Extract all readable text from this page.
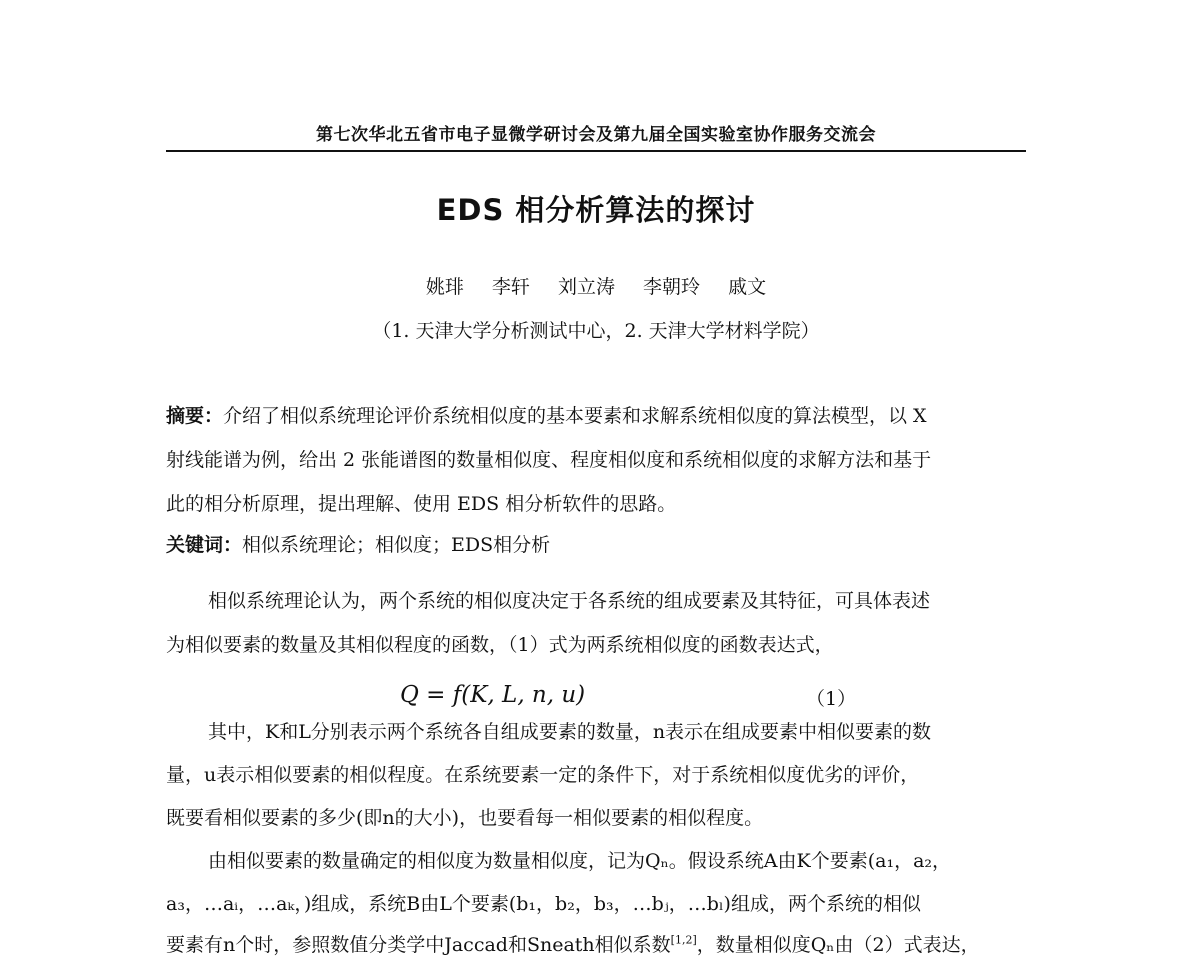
第七次华北五省市电子显微学研讨会及第九届全国实验室协作服务交流会
EDS 相分析算法的探讨
姚琲 李轩 刘立涛 李朝玲 戚文
（1. 天津大学分析测试中心，2. 天津大学材料学院）
摘要：介绍了相似系统理论评价系统相似度的基本要素和求解系统相似度的算法模型，以 X
射线能谱为例，给出 2 张能谱图的数量相似度、程度相似度和系统相似度的求解方法和基于
此的相分析原理，提出理解、使用 EDS 相分析软件的思路。
关键词：相似系统理论；相似度；EDS相分析
相似系统理论认为，两个系统的相似度决定于各系统的组成要素及其特征，可具体表述
为相似要素的数量及其相似程度的函数，（1）式为两系统相似度的函数表达式，
Q = f(K, L, n, u)	（1）
其中，K和L分别表示两个系统各自组成要素的数量，n表示在组成要素中相似要素的数
量，u表示相似要素的相似程度。在系统要素一定的条件下，对于系统相似度优劣的评价，
既要看相似要素的多少(即n的大小)，也要看每一相似要素的相似程度。
由相似要素的数量确定的相似度为数量相似度，记为Qₙ。假设系统A由K个要素(a₁，a₂，
a₃，…aᵢ，…aₖ，)组成，系统B由L个要素(b₁，b₂，b₃，…bⱼ，…bₗ)组成，两个系统的相似
要素有n个时，参照数值分类学中Jaccad和Sneath相似系数[1,2]，数量相似度Qₙ由（2）式表达，
